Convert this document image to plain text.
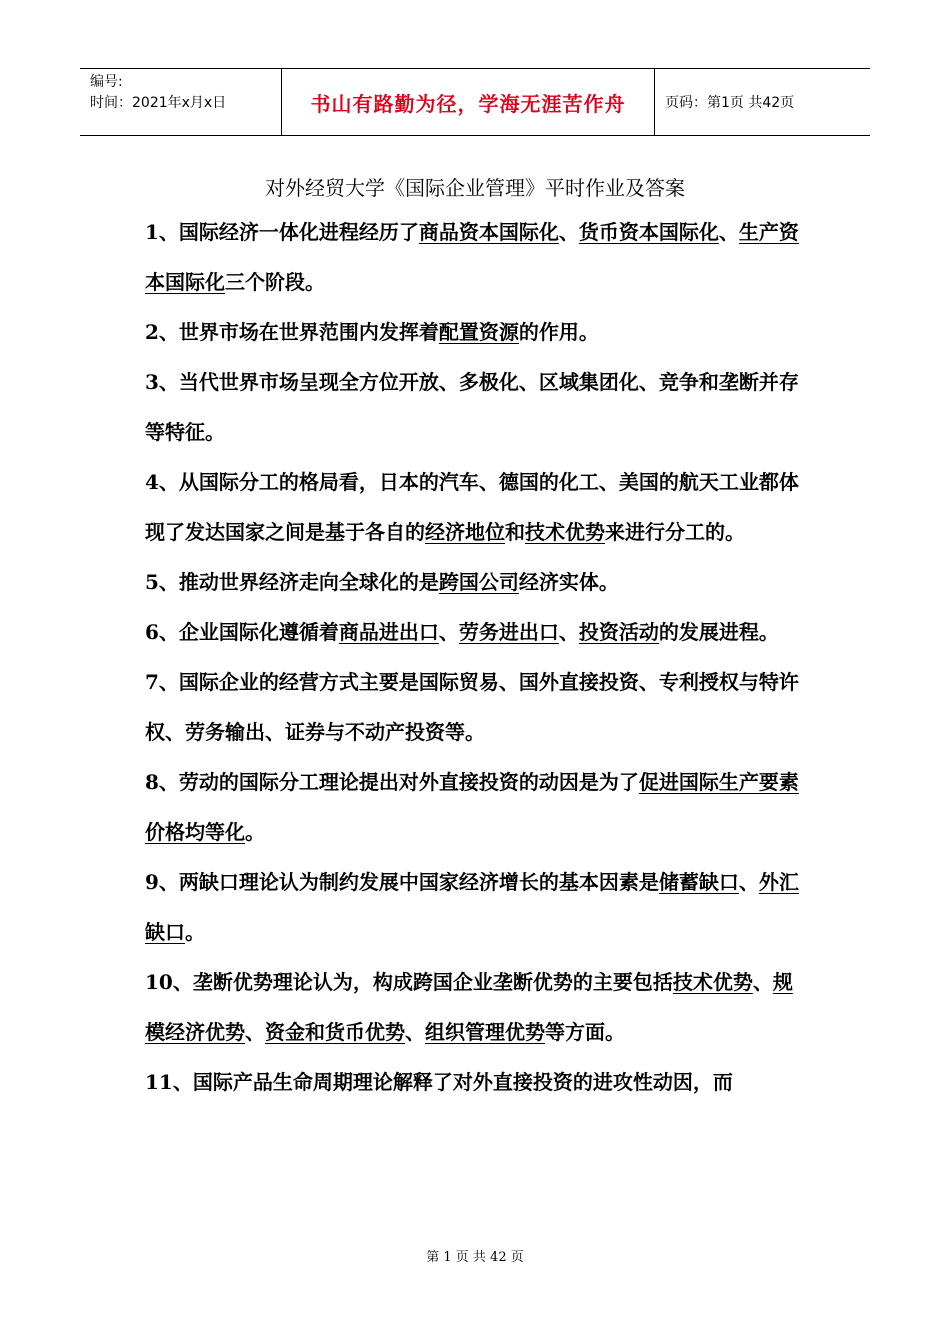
编号:
时间：2021年x月x日	书山有路勤为径，学海无涯苦作舟	页码：第1页 共42页
对外经贸大学《国际企业管理》平时作业及答案

1、国际经济一体化进程经历了商品资本国际化、货币资本国际化、生产资本国际化三个阶段。

2、世界市场在世界范围内发挥着配置资源的作用。

3、当代世界市场呈现全方位开放、多极化、区域集团化、竞争和垄断并存等特征。

4、从国际分工的格局看，日本的汽车、德国的化工、美国的航天工业都体现了发达国家之间是基于各自的经济地位和技术优势来进行分工的。

5、推动世界经济走向全球化的是跨国公司经济实体。

6、企业国际化遵循着商品进出口、劳务进出口、投资活动的发展进程。

7、国际企业的经营方式主要是国际贸易、国外直接投资、专利授权与特许权、劳务输出、证券与不动产投资等。

8、劳动的国际分工理论提出对外直接投资的动因是为了促进国际生产要素价格均等化。

9、两缺口理论认为制约发展中国家经济增长的基本因素是储蓄缺口、外汇缺口。

10、垄断优势理论认为，构成跨国企业垄断优势的主要包括技术优势、规模经济优势、资金和货币优势、组织管理优势等方面。

11、国际产品生命周期理论解释了对外直接投资的进攻性动因，而

第 1 页 共 42 页
